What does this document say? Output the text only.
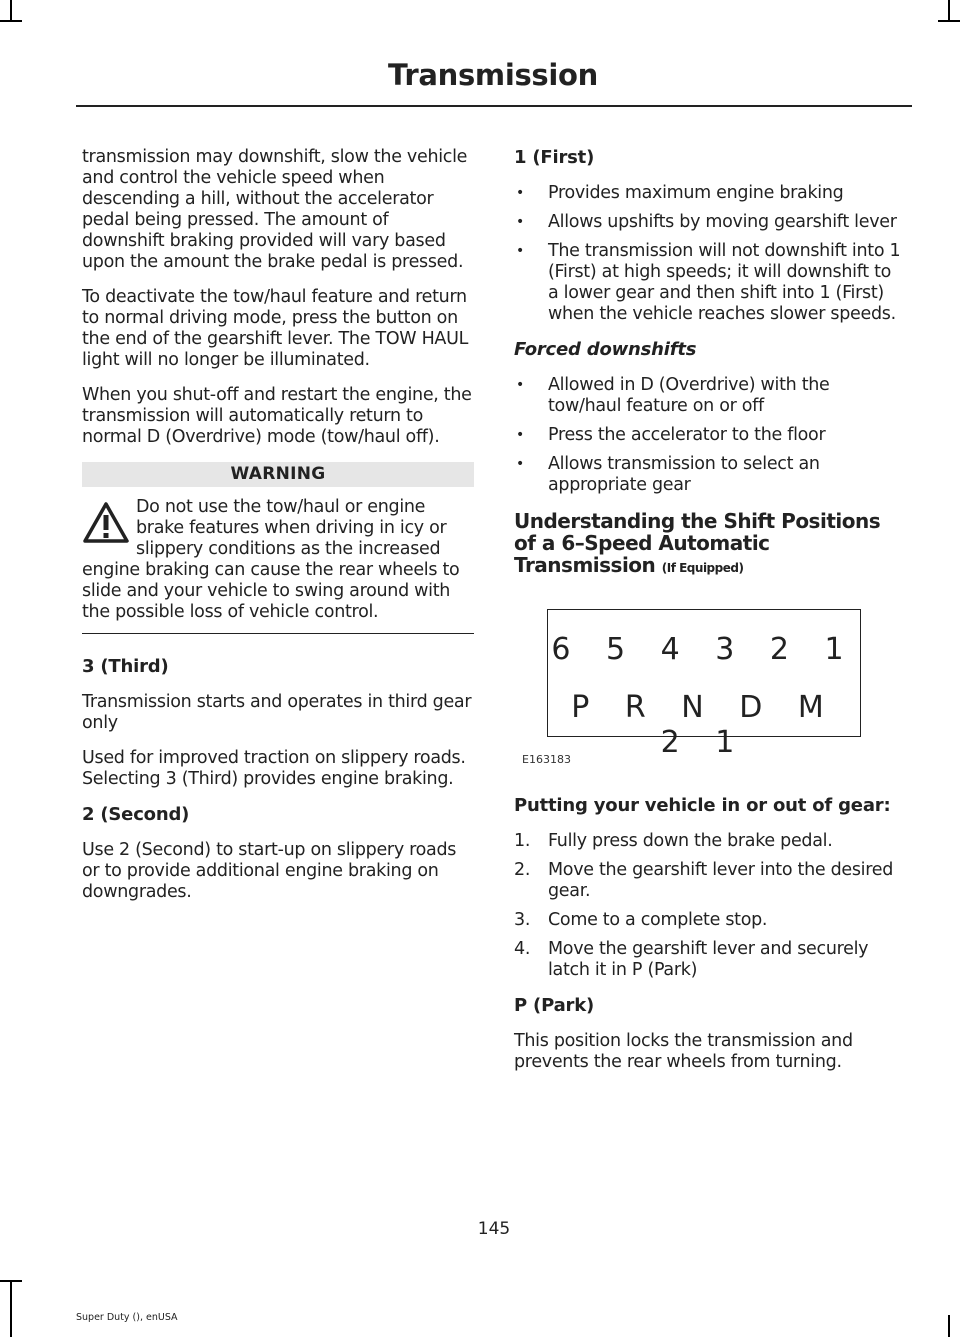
Transmission

transmission may downshift, slow the vehicle and control the vehicle speed when descending a hill, without the accelerator pedal being pressed. The amount of downshift braking provided will vary based upon the amount the brake pedal is pressed.

To deactivate the tow/haul feature and return to normal driving mode, press the button on the end of the gearshift lever. The TOW HAUL light will no longer be illuminated.

When you shut-off and restart the engine, the transmission will automatically return to normal D (Overdrive) mode (tow/haul off).

WARNING
Do not use the tow/haul or engine brake features when driving in icy or slippery conditions as the increased engine braking can cause the rear wheels to slide and your vehicle to swing around with the possible loss of vehicle control.
3 (Third)

Transmission starts and operates in third gear only

Used for improved traction on slippery roads. Selecting 3 (Third) provides engine braking.

2 (Second)

Use 2 (Second) to start-up on slippery roads or to provide additional engine braking on downgrades.

1 (First)
• Provides maximum engine braking
• Allows upshifts by moving gearshift lever
• The transmission will not downshift into 1 (First) at high speeds; it will downshift to a lower gear and then shift into 1 (First) when the vehicle reaches slower speeds.
Forced downshifts
• Allowed in D (Overdrive) with the tow/haul feature on or off
• Press the accelerator to the floor
• Allows transmission to select an appropriate gear
Understanding the Shift Positions of a 6–Speed Automatic Transmission (If Equipped)
6 5 4 3 2 1
P R N D M 2 1
E163183
Putting your vehicle in or out of gear:
1. Fully press down the brake pedal.
2. Move the gearshift lever into the desired gear.
3. Come to a complete stop.
4. Move the gearshift lever and securely latch it in P (Park)
P (Park)

This position locks the transmission and prevents the rear wheels from turning.

145
Super Duty (), enUSA
